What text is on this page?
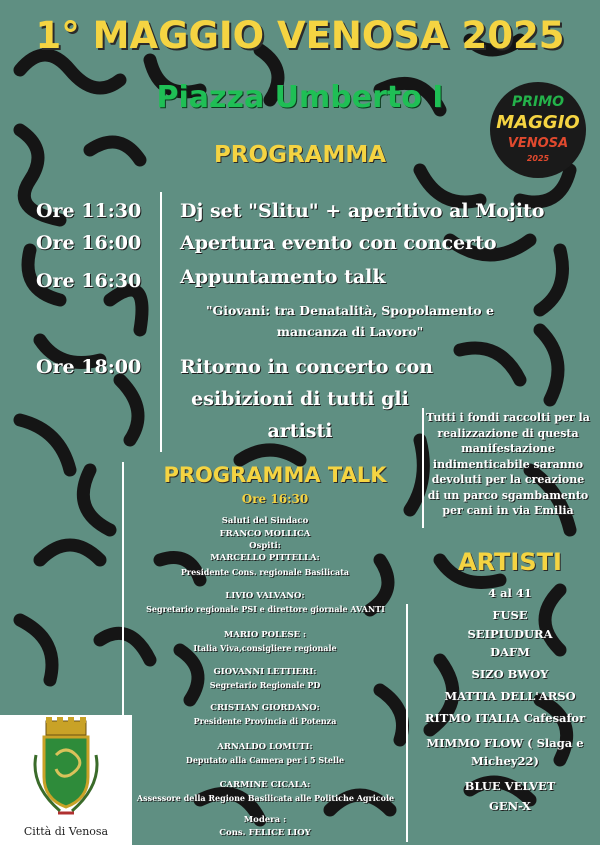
1° MAGGIO VENOSA 2025
Piazza Umberto I
PROGRAMMA
PRIMO
MAGGIO
VENOSA
2025
Ore 11:30 Dj set "Slitu" + aperitivo al Mojito
Ore 16:00 Apertura evento con concerto
Ore 16:30 Appuntamento talk
"Giovani: tra Denatalità, Spopolamento e
mancanza di Lavoro"
Ore 18:00 Ritorno in concerto con
esibizioni di tutti gli
artisti
Tutti i fondi raccolti per la realizzazione di questa manifestazione indimenticabile saranno devoluti per la creazione di un parco sgambamento per cani in via Emilia
PROGRAMMA TALK
Ore 16:30
Saluti del Sindaco
FRANCO MOLLICA
Ospiti:
MARCELLO PITTELLA:
Presidente Cons. regionale Basilicata
LIVIO VALVANO:
Segretario regionale PSI e direttore giornale AVANTI
MARIO POLESE :
Italia Viva,consigliere regionale
GIOVANNI LETTIERI:
Segretario Regionale PD
CRISTIAN GIORDANO:
Presidente Provincia di Potenza
ARNALDO LOMUTI:
Deputato alla Camera per i 5 Stelle
CARMINE CICALA:
Assessore della Regione Basilicata alle Politiche Agricole
Modera :
Cons. FELICE LIOY
ARTISTI
4 al 41
FUSE
SEIPIUDURA
DAFM
SIZO BWOY
MATTIA DELL'ARSO
RITMO ITALIA Cafesafor
MIMMO FLOW ( Slaga e
Michey22)
BLUE VELVET
GEN-X
Città di Venosa
